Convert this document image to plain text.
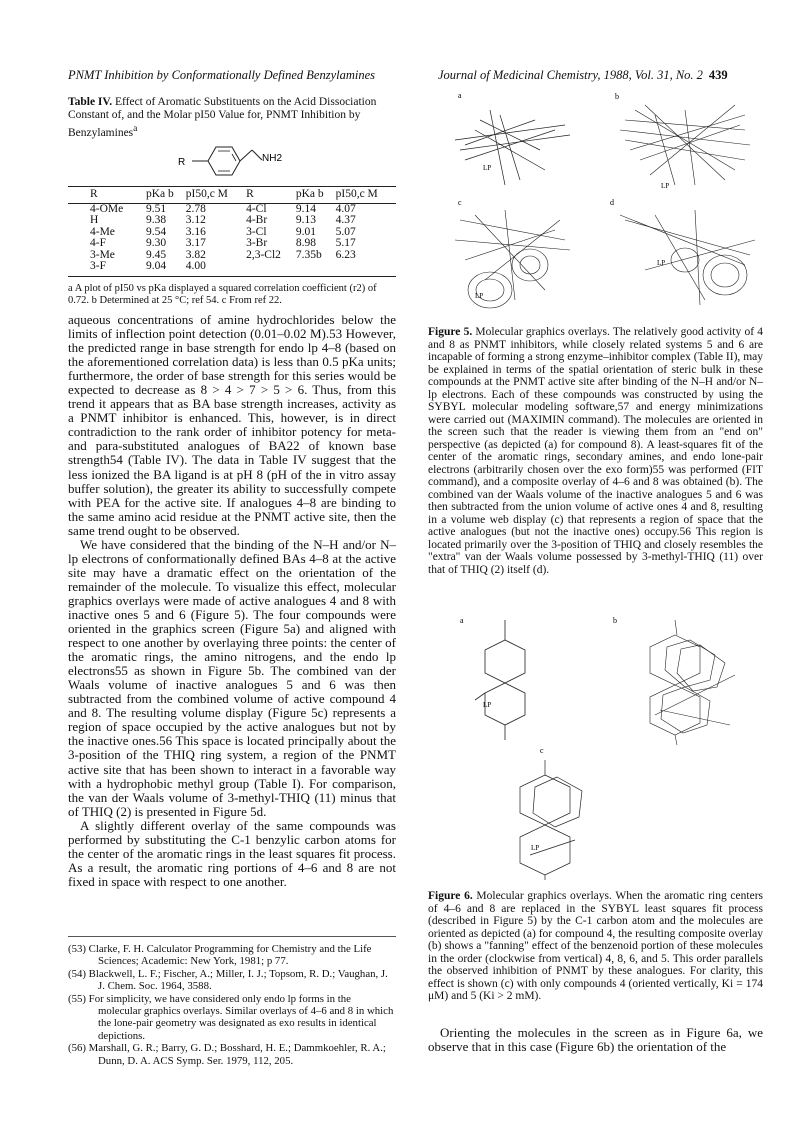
PNMT Inhibition by Conformationally Defined Benzylamines	Journal of Medicinal Chemistry, 1988, Vol. 31, No. 2 439
Table IV. Effect of Aromatic Substituents on the Acid Dissociation Constant of, and the Molar pI50 Value for, PNMT Inhibition by Benzylamines$^a$
R	NH2
R	pKa b	pI50,c M	R	pKa b	pI50,c M
4-OMe	9.51	2.78	4-Cl	9.14	4.07
H	9.38	3.12	4-Br	9.13	4.37
4-Me	9.54	3.16	3-Cl	9.01	5.07
4-F	9.30	3.17	3-Br	8.98	5.17
3-Me	9.45	3.82	2,3-Cl2	7.35b	6.23
3-F	9.04	4.00			
a A plot of pI50 vs pKa displayed a squared correlation coefficient (r2) of 0.72. b Determined at 25 °C; ref 54. c From ref 22.

aqueous concentrations of amine hydrochlorides below the limits of inflection point detection (0.01–0.02 M).53 However, the predicted range in base strength for endo lp 4–8 (based on the aforementioned correlation data) is less than 0.5 pKa units; furthermore, the order of base strength for this series would be expected to decrease as 8 > 4 > 7 > 5 > 6. Thus, from this trend it appears that as BA base strength increases, activity as a PNMT inhibitor is enhanced. This, however, is in direct contradiction to the rank order of inhibitor potency for meta- and para-substituted analogues of BA22 of known base strength54 (Table IV). The data in Table IV suggest that the less ionized the BA ligand is at pH 8 (pH of the in vitro assay buffer solution), the greater its ability to successfully compete with PEA for the active site. If analogues 4–8 are binding to the same amino acid residue at the PNMT active site, then the same trend ought to be observed.

We have considered that the binding of the N–H and/or N–lp electrons of conformationally defined BAs 4–8 at the active site may have a dramatic effect on the orientation of the remainder of the molecule. To visualize this effect, molecular graphics overlays were made of active analogues 4 and 8 with inactive ones 5 and 6 (Figure 5). The four compounds were oriented in the graphics screen (Figure 5a) and aligned with respect to one another by overlaying three points: the center of the aromatic rings, the amino nitrogens, and the endo lp electrons55 as shown in Figure 5b. The combined van der Waals volume of inactive analogues 5 and 6 was then subtracted from the combined volume of active compound 4 and 8. The resulting volume display (Figure 5c) represents a region of space occupied by the active analogues but not by the inactive ones.56 This space is located principally about the 3-position of the THIQ ring system, a region of the PNMT active site that has been shown to interact in a favorable way with a hydrophobic methyl group (Table I). For comparison, the van der Waals volume of 3-methyl-THIQ (11) minus that of THIQ (2) is presented in Figure 5d.

A slightly different overlay of the same compounds was performed by substituting the C-1 benzylic carbon atoms for the center of the aromatic rings in the least squares fit process. As a result, the aromatic ring portions of 4–6 and 8 are not fixed in space with respect to one another.

(53) Clarke, F. H. Calculator Programming for Chemistry and the Life Sciences; Academic: New York, 1981; p 77.
(54) Blackwell, L. F.; Fischer, A.; Miller, I. J.; Topsom, R. D.; Vaughan, J. J. Chem. Soc. 1964, 3588.
(55) For simplicity, we have considered only endo lp forms in the molecular graphics overlays. Similar overlays of 4–6 and 8 in which the lone-pair geometry was designated as exo results in identical depictions.
(56) Marshall, G. R.; Barry, G. D.; Bosshard, H. E.; Dammkoehler, R. A.; Dunn, D. A. ACS Symp. Ser. 1979, 112, 205.
a	b
c	d
LP
LP
LP
LP
Figure 5. Molecular graphics overlays. The relatively good activity of 4 and 8 as PNMT inhibitors, while closely related systems 5 and 6 are incapable of forming a strong enzyme–inhibitor complex (Table II), may be explained in terms of the spatial orientation of steric bulk in these compounds at the PNMT active site after binding of the N–H and/or N–lp electrons. Each of these compounds was constructed by using the SYBYL molecular modeling software,57 and energy minimizations were carried out (MAXIMIN command). The molecules are oriented in the screen such that the reader is viewing them from an "end on" perspective (as depicted (a) for compound 8). A least-squares fit of the center of the aromatic rings, secondary amines, and endo lone-pair electrons (arbitrarily chosen over the exo form)55 was performed (FIT command), and a composite overlay of 4–6 and 8 was obtained (b). The combined van der Waals volume of the inactive analogues 5 and 6 was then subtracted from the union volume of active ones 4 and 8, resulting in a volume web display (c) that represents a region of space that the active analogues (but not the inactive ones) occupy.56 This region is located primarily over the 3-position of THIQ and closely resembles the "extra" van der Waals volume possessed by 3-methyl-THIQ (11) over that of THIQ (2) itself (d).
a	b
c
LP
LP
Figure 6. Molecular graphics overlays. When the aromatic ring centers of 4–6 and 8 are replaced in the SYBYL least squares fit process (described in Figure 5) by the C-1 carbon atom and the molecules are oriented as depicted (a) for compound 4, the resulting composite overlay (b) shows a "fanning" effect of the benzenoid portion of these molecules in the order (clockwise from vertical) 4, 8, 6, and 5. This order parallels the observed inhibition of PNMT by these analogues. For clarity, this effect is shown (c) with only compounds 4 (oriented vertically, Ki = 174 μM) and 5 (Ki > 2 mM).

Orienting the molecules in the screen as in Figure 6a, we observe that in this case (Figure 6b) the orientation of the
